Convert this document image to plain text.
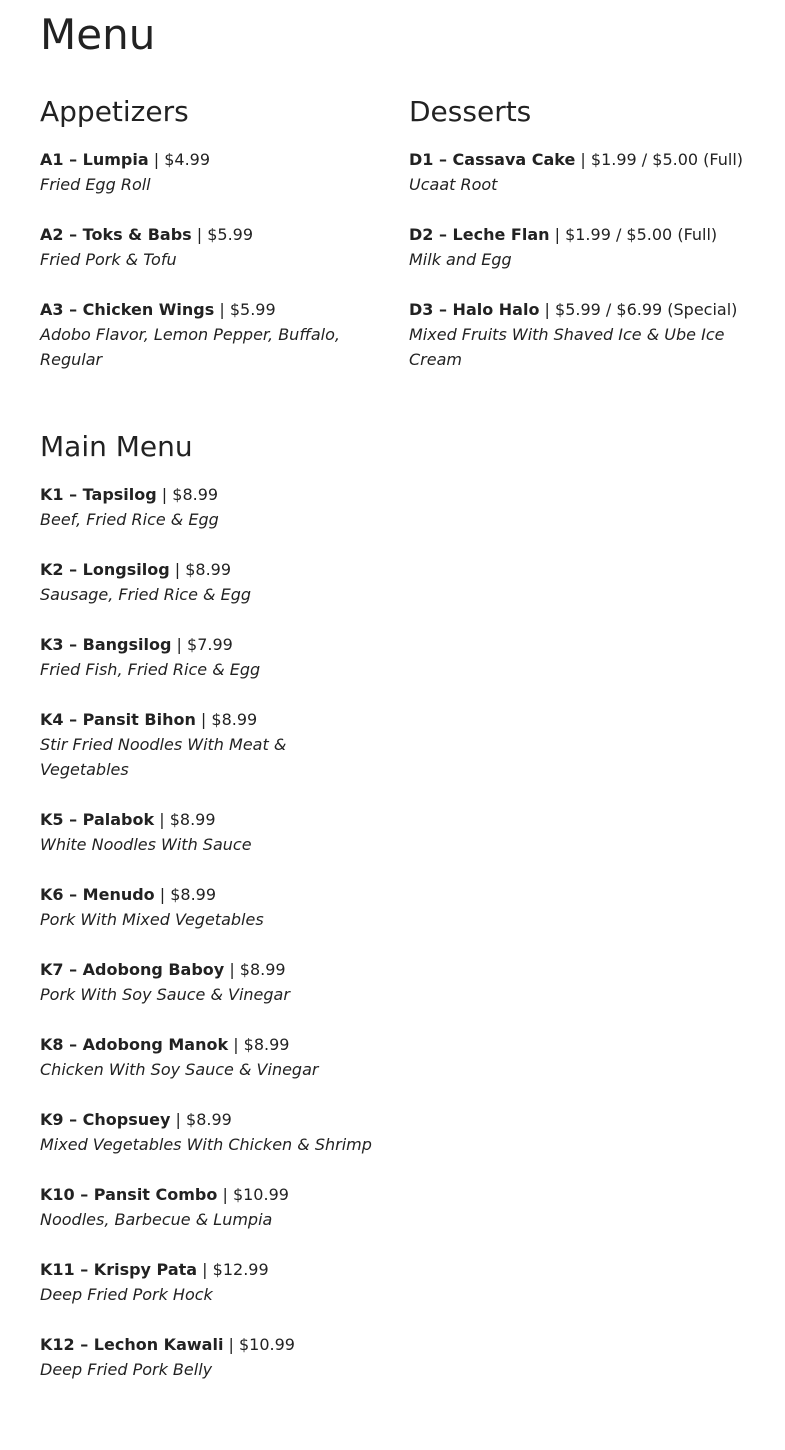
Menu
Appetizers
A1 – Lumpia | $4.99
Fried Egg Roll
A2 – Toks & Babs | $5.99
Fried Pork & Tofu
A3 – Chicken Wings | $5.99
Adobo Flavor, Lemon Pepper, Buffalo, Regular
Main Menu
K1 – Tapsilog | $8.99
Beef, Fried Rice & Egg
K2 – Longsilog | $8.99
Sausage, Fried Rice & Egg
K3 – Bangsilog | $7.99
Fried Fish, Fried Rice & Egg
K4 – Pansit Bihon | $8.99
Stir Fried Noodles With Meat & Vegetables
K5 – Palabok | $8.99
White Noodles With Sauce
K6 – Menudo | $8.99
Pork With Mixed Vegetables
K7 – Adobong Baboy | $8.99
Pork With Soy Sauce & Vinegar
K8 – Adobong Manok | $8.99
Chicken With Soy Sauce & Vinegar
K9 – Chopsuey | $8.99
Mixed Vegetables With Chicken & Shrimp
K10 – Pansit Combo | $10.99
Noodles, Barbecue & Lumpia
K11 – Krispy Pata | $12.99
Deep Fried Pork Hock
K12 – Lechon Kawali | $10.99
Deep Fried Pork Belly
Desserts
D1 – Cassava Cake | $1.99 / $5.00 (Full)
Ucaat Root
D2 – Leche Flan | $1.99 / $5.00 (Full)
Milk and Egg
D3 – Halo Halo | $5.99 / $6.99 (Special)
Mixed Fruits With Shaved Ice & Ube Ice Cream
